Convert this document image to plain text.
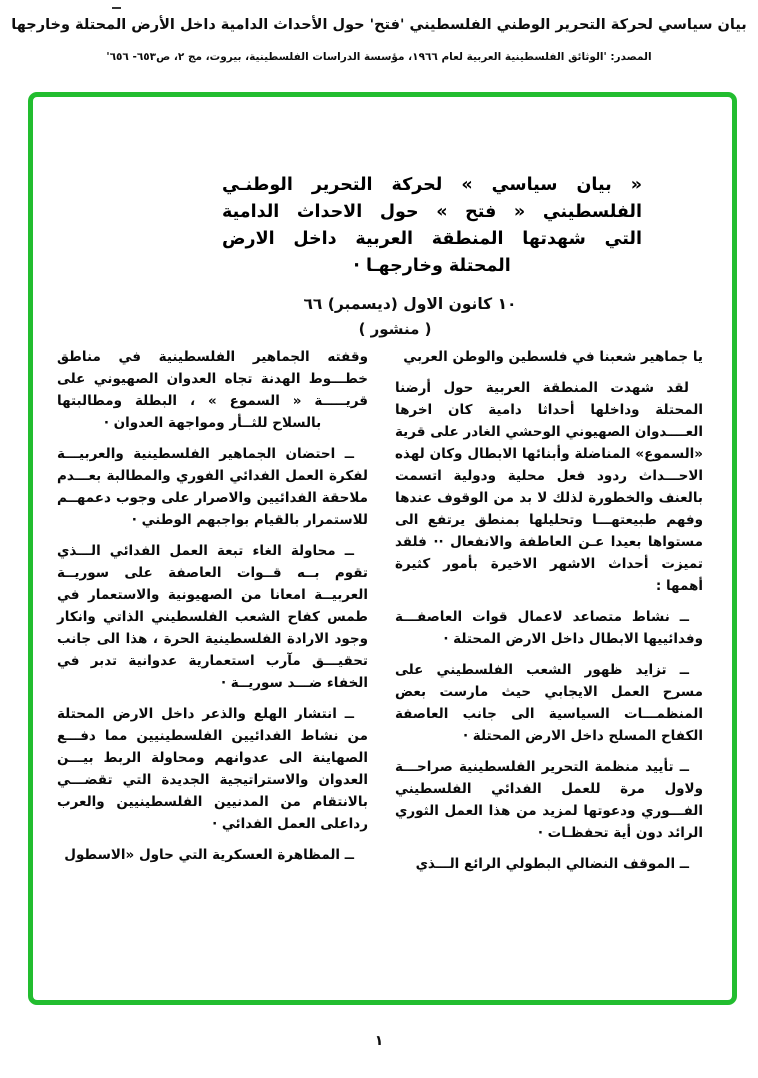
بيان سياسي لحركة التحرير الوطني الفلسطيني 'فتح' حول الأحداث الدامية داخل الأرض المحتلة وخارجها
المصدر: 'الوثائق الفلسطينية العربية لعام ١٩٦٦، مؤسسة الدراسات الفلسطينية، بيروت، مج ٢، ص٦٥٣- ٦٥٦'
« بيان سياسي » لحركة التحرير الوطنـي
الفلسطيني « فتح » حول الاحداث الدامية
التي شهدتها المنطقة العربية داخل الارض
المحتلة وخارجهـا ·
١٠ كانون الاول (ديسمبر) ٦٦
( منشور )

يا جماهير شعبنا في فلسطين والوطن العربي

لقد شهدت المنطقة العربية حول أرضنا المحتلة وداخلها أحداثا دامية كان اخرها العــــدوان الصهيوني الوحشي الغادر على قرية «السموع» المناضلة وأبنائها الابطال وكان لهذه الاحـــداث ردود فعل محلية ودولية اتسمت بالعنف والخطورة لذلك لا بد من الوقوف عندها وفهم طبيعتهـــا وتحليلها بمنطق يرتفع الى مستواها بعيدا عـن العاطفة والانفعال ·· فلقد تميزت أحداث الاشهر الاخيرة بأمور كثيرة أهمها :

ــ نشاط متصاعد لاعمال قوات العاصفـــة وفدائييها الابطال داخل الارض المحتلة ·

ــ تزايد ظهور الشعب الفلسطيني على مسرح العمل الايجابي حيث مارست بعض المنظمـــات السياسية الى جانب العاصفة الكفاح المسلح داخل الارض المحتلة ·

ــ تأييد منظمة التحرير الفلسطينية صراحـــة ولاول مرة للعمل الفدائي الفلسطيني الفـــوري ودعوتها لمزيد من هذا العمل الثوري الرائد دون أية تحفظـات ·

ــ الموقف النضالي البطولي الرائع الـــذي

وقفته الجماهير الفلسطينية في مناطق خطـــوط الهدنة تجاه العدوان الصهيوني على قريـــــة « السموع » ، البطلة ومطالبتها بالسلاح للثــأر ومواجهة العدوان ·

ــ احتضان الجماهير الفلسطينية والعربيـــة لفكرة العمل الفدائي الفوري والمطالبة بعـــدم ملاحقة الفدائيين والاصرار على وجوب دعمهــم للاستمرار بالقيام بواجبهم الوطني ·

ــ محاولة الغاء تبعة العمل الفدائي الـــذي تقوم بــه قــوات العاصفة على سوريــة العربيــة امعانا من الصهيونية والاستعمار في طمس كفاح الشعب الفلسطيني الذاتي وانكار وجود الارادة الفلسطينية الحرة ، هذا الى جانب تحقيـــق مآرب استعمارية عدوانية تدبر في الخفاء ضـــد سوريــة ·

ــ انتشار الهلع والذعر داخل الارض المحتلة من نشاط الفدائيين الفلسطينيين مما دفـــع الصهاينة الى عدوانهم ومحاولة الربط بيـــن العدوان والاستراتيجية الجديدة التي تقضـــي بالانتقام من المدنيين الفلسطينيين والعرب رداعلى العمل الفدائي ·

ــ المظاهرة العسكرية التي حاول «الاسطول

١
